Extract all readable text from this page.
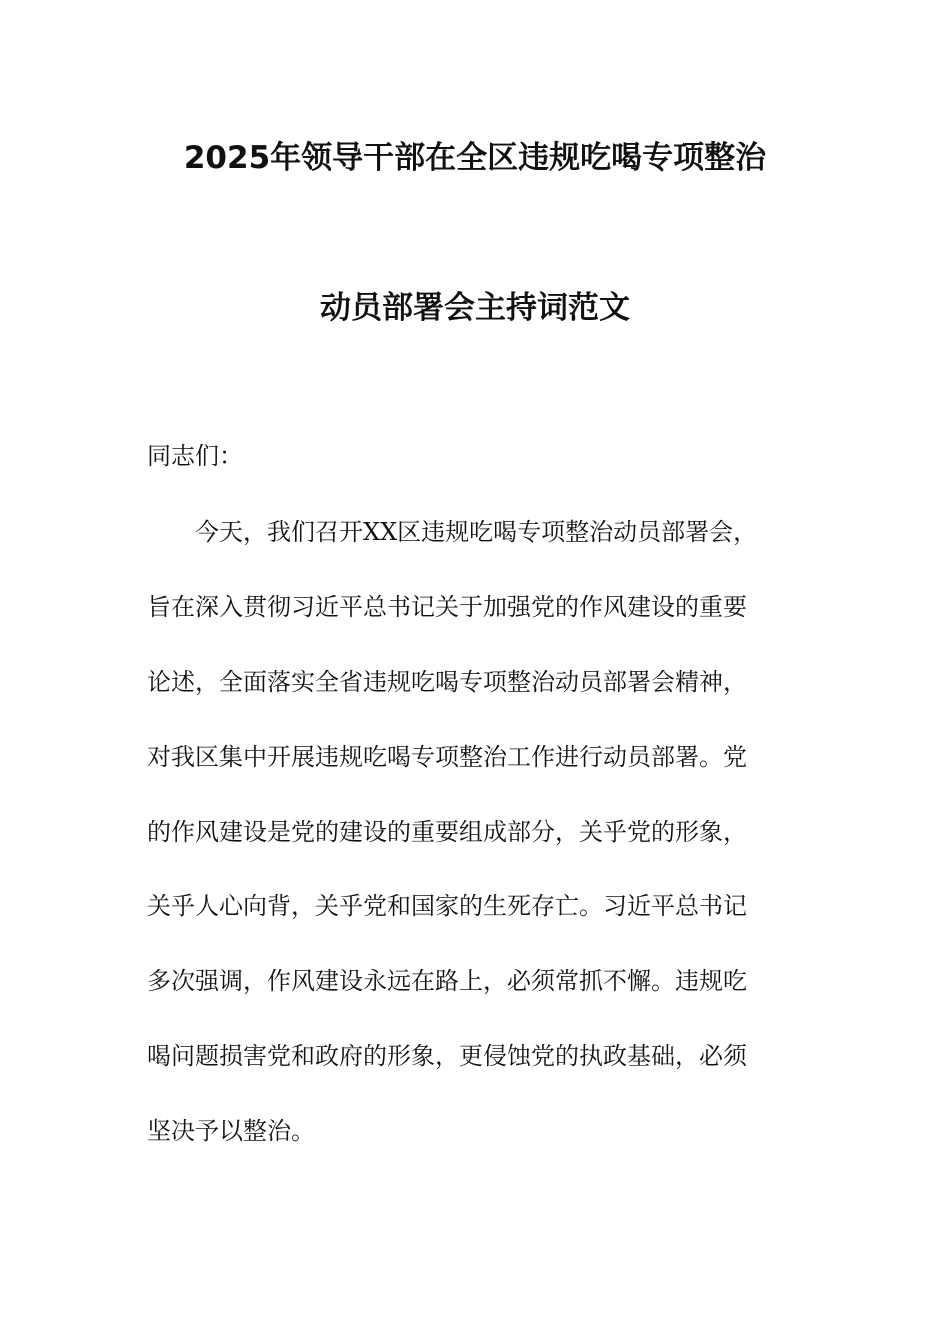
2025年领导干部在全区违规吃喝专项整治
动员部署会主持词范文
同志们：
今天，我们召开XX区违规吃喝专项整治动员部署会，
旨在深入贯彻习近平总书记关于加强党的作风建设的重要
论述，全面落实全省违规吃喝专项整治动员部署会精神，
对我区集中开展违规吃喝专项整治工作进行动员部署。党
的作风建设是党的建设的重要组成部分，关乎党的形象，
关乎人心向背，关乎党和国家的生死存亡。习近平总书记
多次强调，作风建设永远在路上，必须常抓不懈。违规吃
喝问题损害党和政府的形象，更侵蚀党的执政基础，必须
坚决予以整治。
